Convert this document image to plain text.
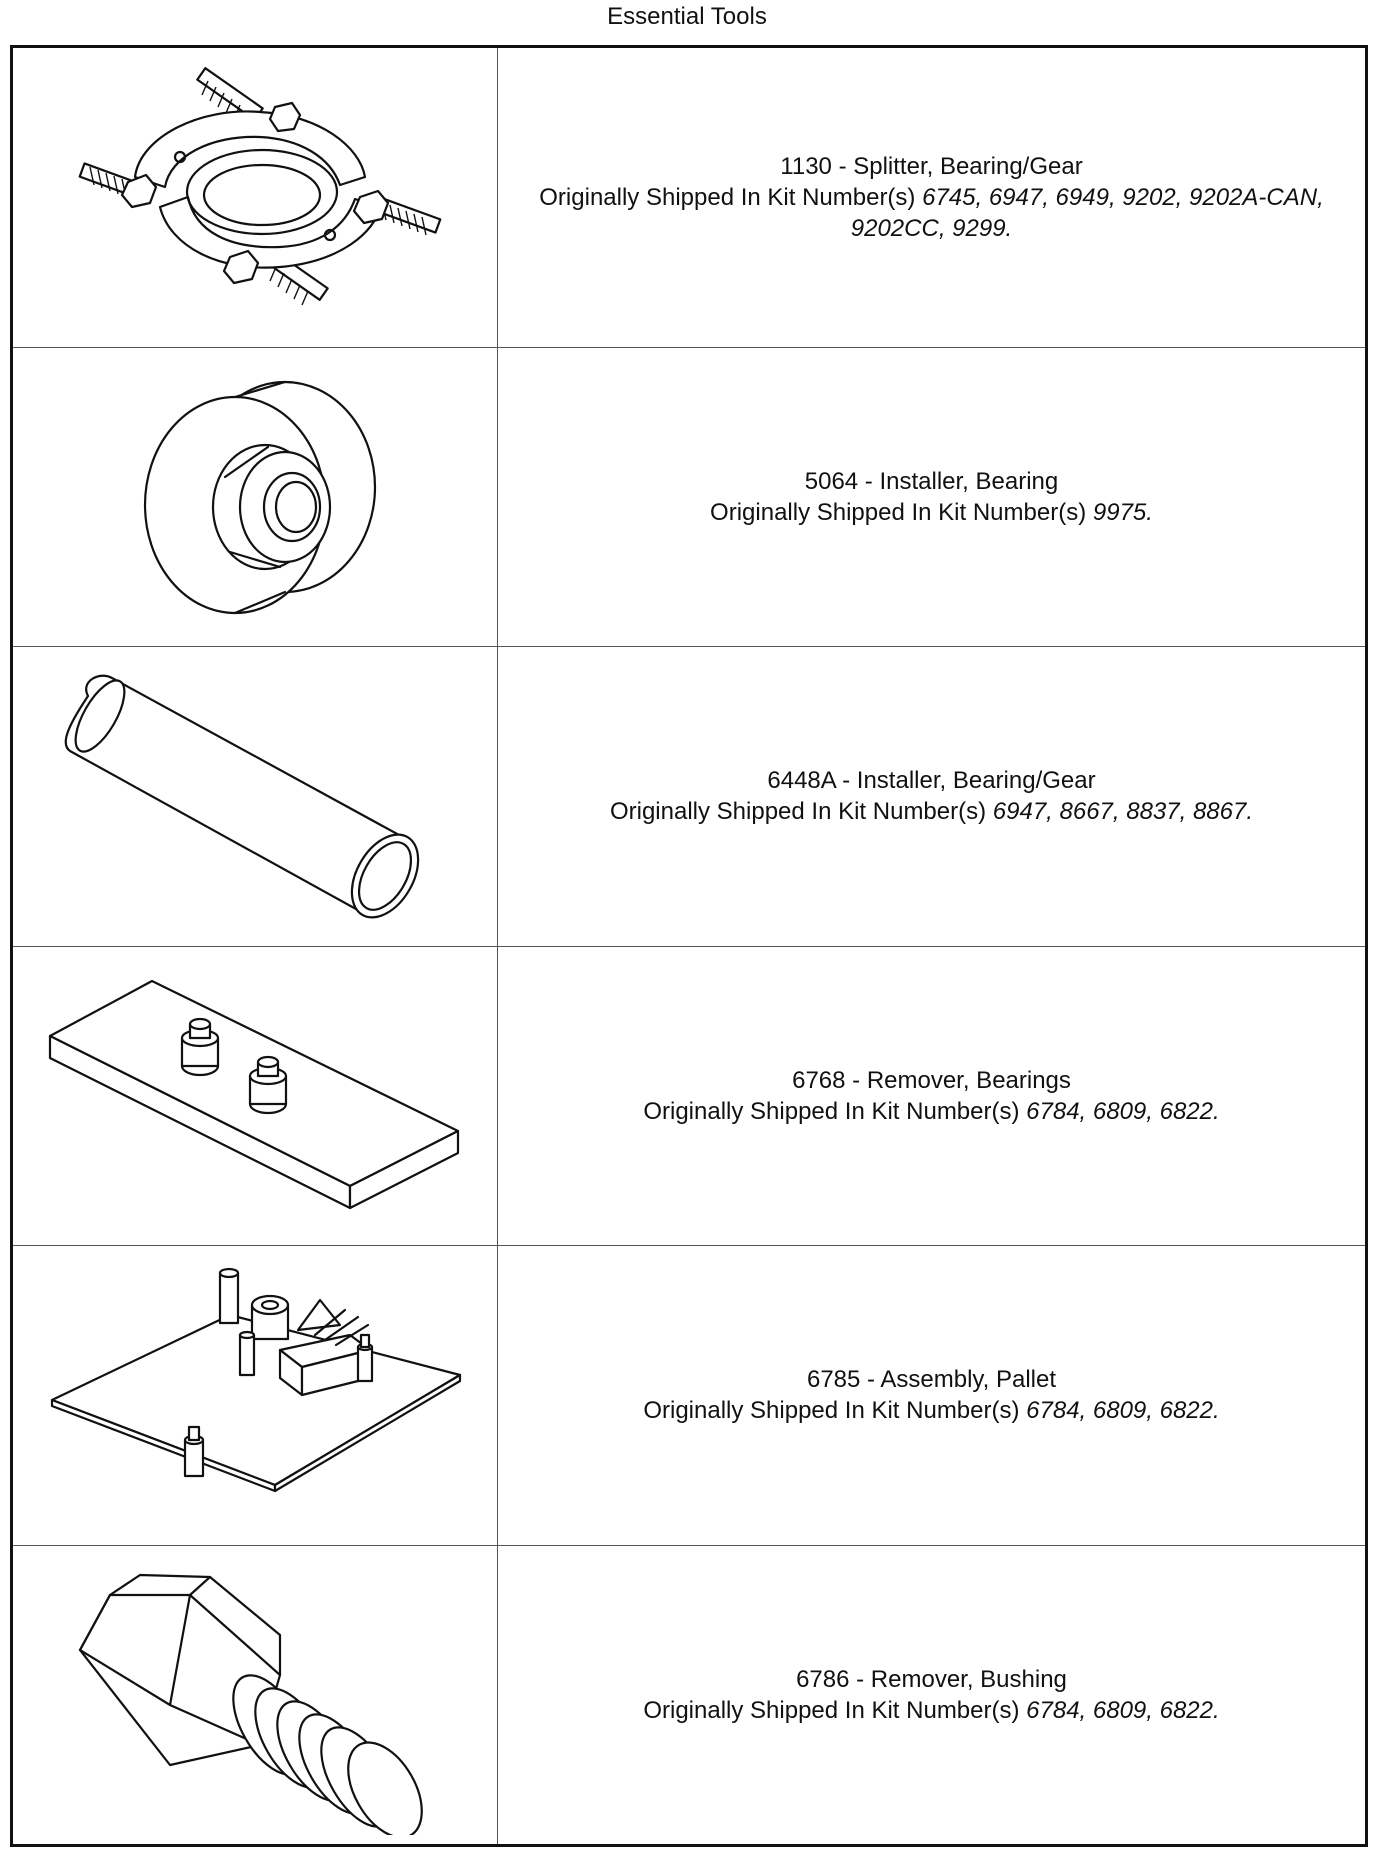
Essential Tools
1130 - Splitter, Bearing/Gear
Originally Shipped In Kit Number(s) 6745, 6947, 6949, 9202, 9202A-CAN,
9202CC, 9299.
5064 - Installer, Bearing
Originally Shipped In Kit Number(s) 9975.
6448A - Installer, Bearing/Gear
Originally Shipped In Kit Number(s) 6947, 8667, 8837, 8867.
6768 - Remover, Bearings
Originally Shipped In Kit Number(s) 6784, 6809, 6822.
6785 - Assembly, Pallet
Originally Shipped In Kit Number(s) 6784, 6809, 6822.
6786 - Remover, Bushing
Originally Shipped In Kit Number(s) 6784, 6809, 6822.
